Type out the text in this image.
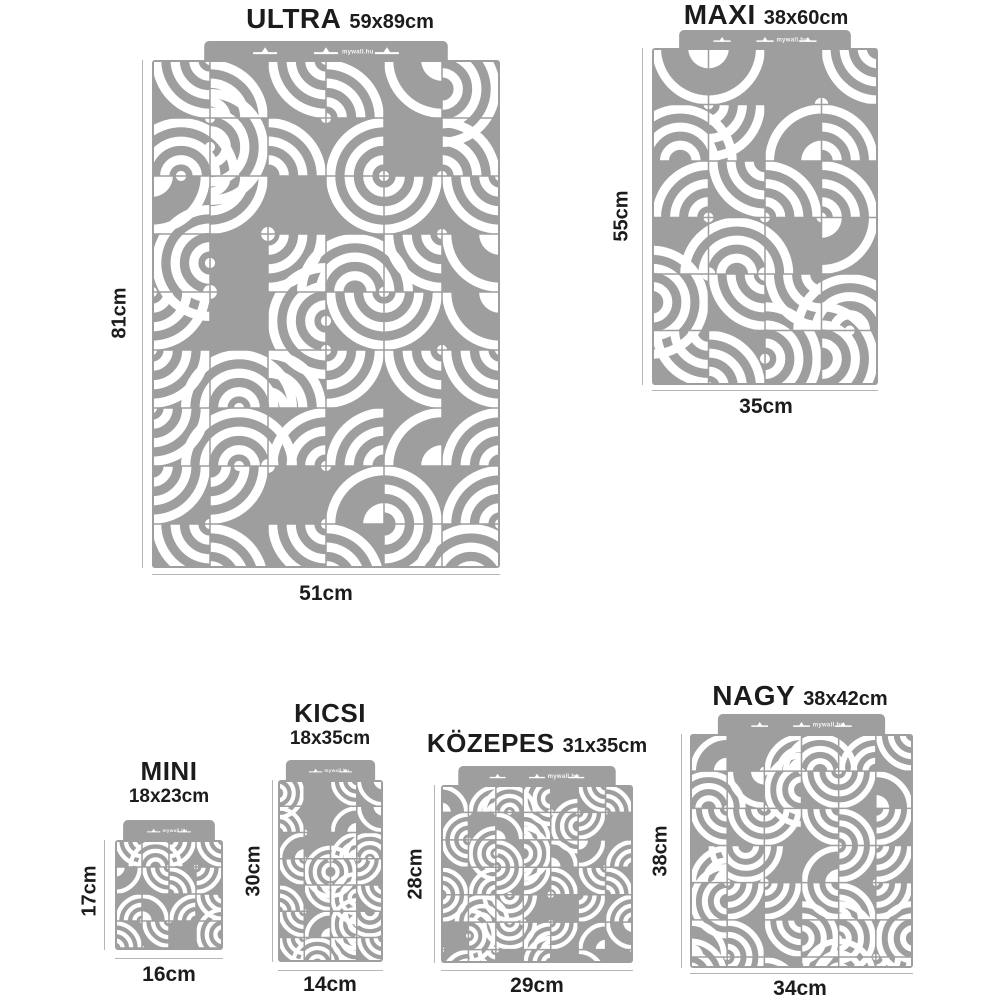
ULTRA 59x89cm
81cm
mywall.hu
51cm
MAXI 38x60cm
55cm
mywall.hu
35cm
MINI
18x23cm
17cm
mywall.hu
16cm
KICSI
18x35cm
30cm
mywall.hu
14cm
KÖZEPES 31x35cm
28cm
mywall.hu
29cm
NAGY 38x42cm
38cm
mywall.hu
34cm
